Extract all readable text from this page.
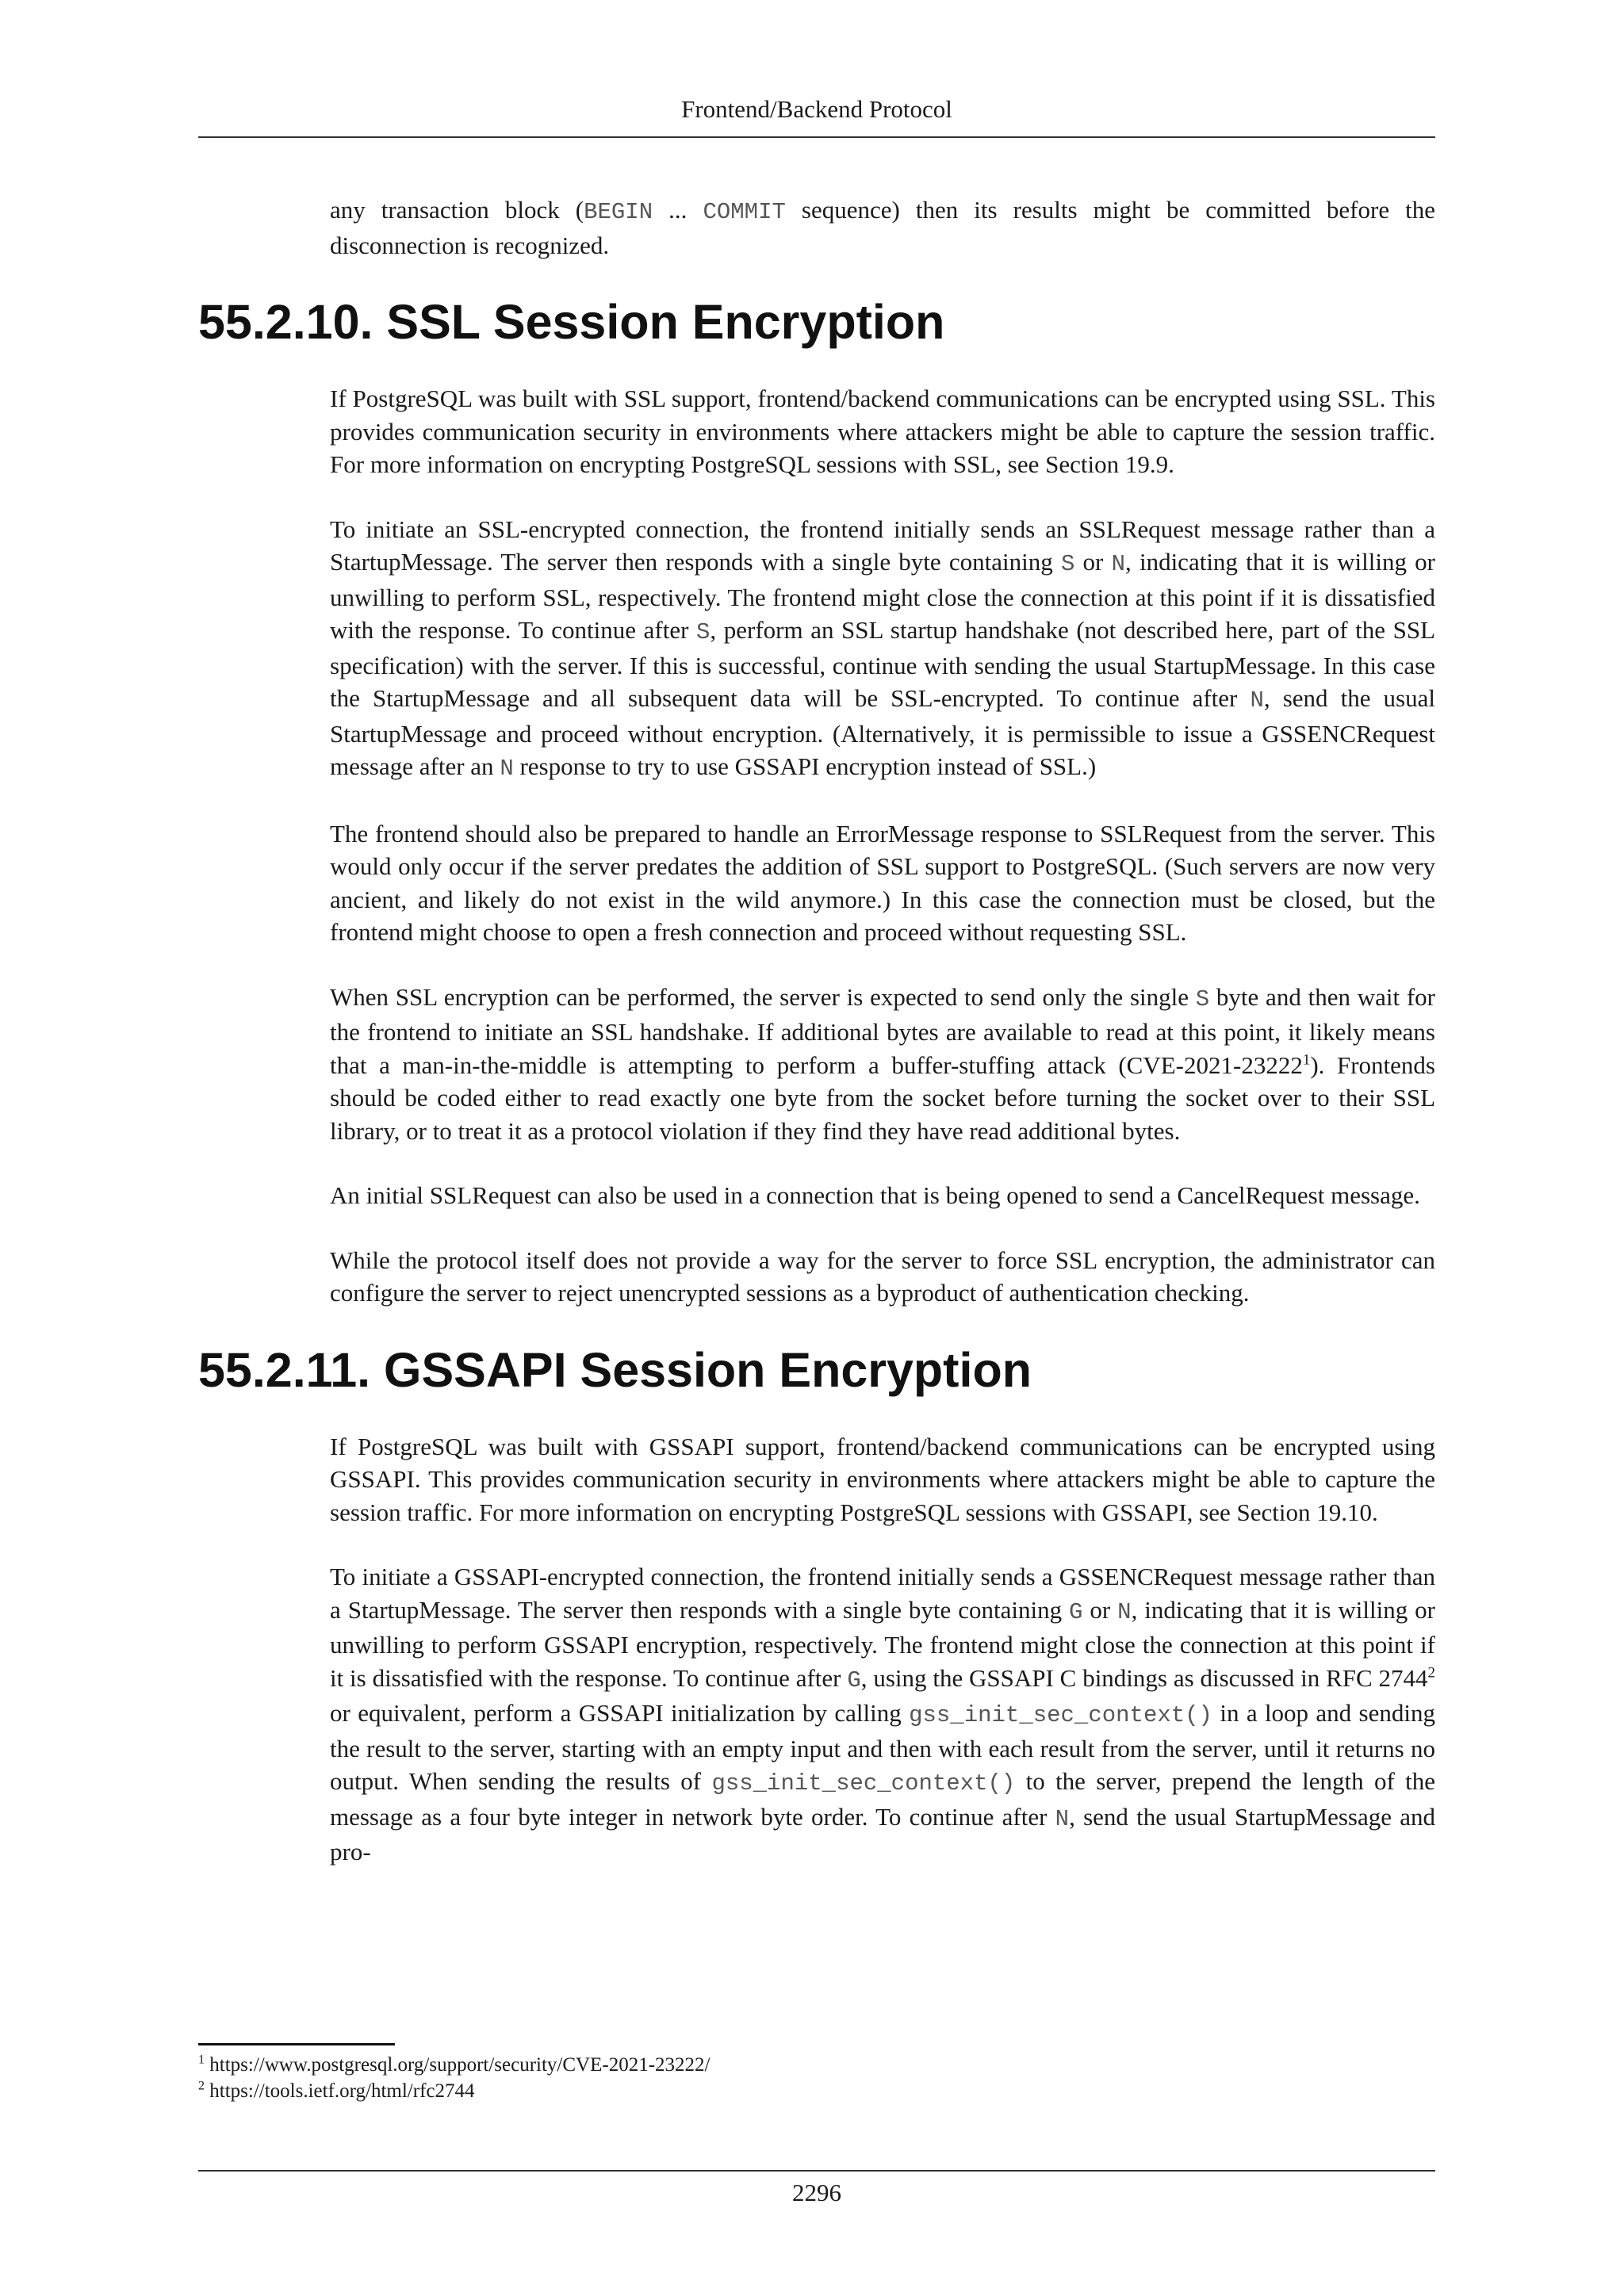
Frontend/Backend Protocol

any transaction block (BEGIN ... COMMIT sequence) then its results might be committed before the disconnection is recognized.

55.2.10. SSL Session Encryption

If PostgreSQL was built with SSL support, frontend/backend communications can be encrypted using SSL. This provides communication security in environments where attackers might be able to capture the session traffic. For more information on encrypting PostgreSQL sessions with SSL, see Section 19.9.

To initiate an SSL-encrypted connection, the frontend initially sends an SSLRequest message rather than a StartupMessage. The server then responds with a single byte containing S or N, indicating that it is willing or unwilling to perform SSL, respectively. The frontend might close the connection at this point if it is dissatisfied with the response. To continue after S, perform an SSL startup handshake (not described here, part of the SSL specification) with the server. If this is successful, continue with sending the usual StartupMessage. In this case the StartupMessage and all subsequent data will be SSL-encrypted. To continue after N, send the usual StartupMessage and proceed without encryption. (Alternatively, it is permissible to issue a GSSENCRequest message after an N response to try to use GSSAPI encryption instead of SSL.)

The frontend should also be prepared to handle an ErrorMessage response to SSLRequest from the server. This would only occur if the server predates the addition of SSL support to PostgreSQL. (Such servers are now very ancient, and likely do not exist in the wild anymore.) In this case the connection must be closed, but the frontend might choose to open a fresh connection and proceed without requesting SSL.

When SSL encryption can be performed, the server is expected to send only the single S byte and then wait for the frontend to initiate an SSL handshake. If additional bytes are available to read at this point, it likely means that a man-in-the-middle is attempting to perform a buffer-stuffing attack (CVE-2021-23222$^1$). Frontends should be coded either to read exactly one byte from the socket before turning the socket over to their SSL library, or to treat it as a protocol violation if they find they have read additional bytes.

An initial SSLRequest can also be used in a connection that is being opened to send a CancelRequest message.

While the protocol itself does not provide a way for the server to force SSL encryption, the administrator can configure the server to reject unencrypted sessions as a byproduct of authentication checking.

55.2.11. GSSAPI Session Encryption

If PostgreSQL was built with GSSAPI support, frontend/backend communications can be encrypted using GSSAPI. This provides communication security in environments where attackers might be able to capture the session traffic. For more information on encrypting PostgreSQL sessions with GSSAPI, see Section 19.10.

To initiate a GSSAPI-encrypted connection, the frontend initially sends a GSSENCRequest message rather than a StartupMessage. The server then responds with a single byte containing G or N, indicating that it is willing or unwilling to perform GSSAPI encryption, respectively. The frontend might close the connection at this point if it is dissatisfied with the response. To continue after G, using the GSSAPI C bindings as discussed in RFC 2744$^2$ or equivalent, perform a GSSAPI initialization by calling gss_init_sec_context() in a loop and sending the result to the server, starting with an empty input and then with each result from the server, until it returns no output. When sending the results of gss_init_sec_context() to the server, prepend the length of the message as a four byte integer in network byte order. To continue after N, send the usual StartupMessage and pro-

$^1$ https://www.postgresql.org/support/security/CVE-2021-23222/
$^2$ https://tools.ietf.org/html/rfc2744
2296
